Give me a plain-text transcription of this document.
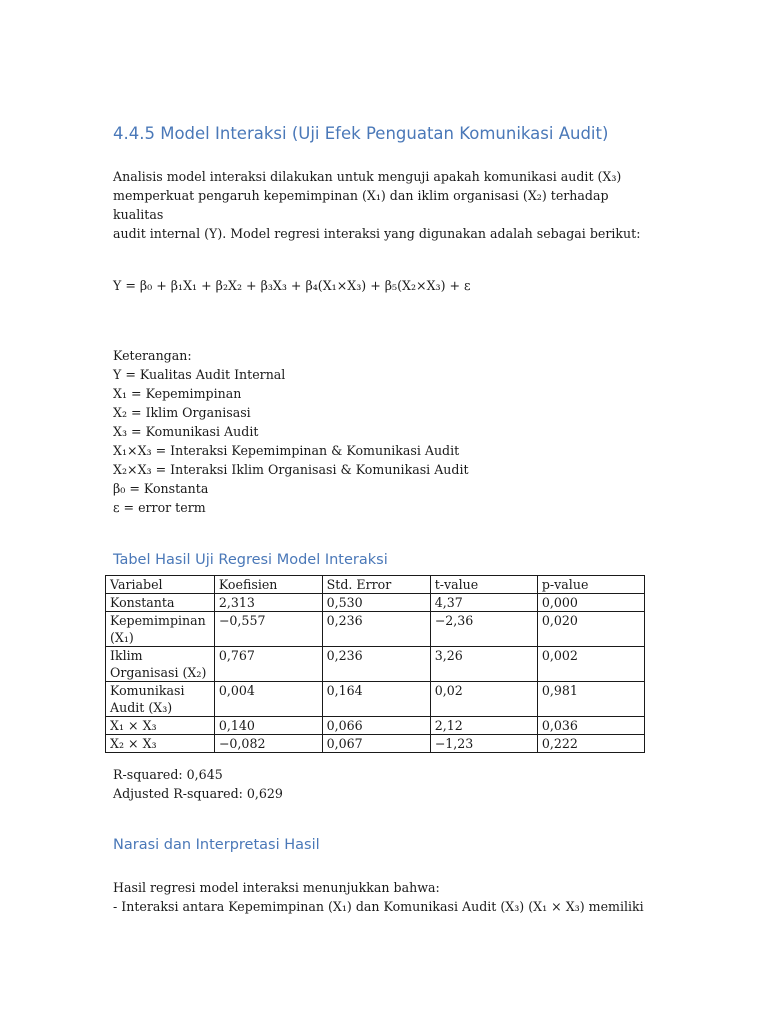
4.4.5 Model Interaksi (Uji Efek Penguatan Komunikasi Audit)
Analisis model interaksi dilakukan untuk menguji apakah komunikasi audit (X₃)
memperkuat pengaruh kepemimpinan (X₁) dan iklim organisasi (X₂) terhadap kualitas
audit internal (Y). Model regresi interaksi yang digunakan adalah sebagai berikut:
Y = β₀ + β₁X₁ + β₂X₂ + β₃X₃ + β₄(X₁×X₃) + β₅(X₂×X₃) + ε
Keterangan:
Y = Kualitas Audit Internal
X₁ = Kepemimpinan
X₂ = Iklim Organisasi
X₃ = Komunikasi Audit
X₁×X₃ = Interaksi Kepemimpinan & Komunikasi Audit
X₂×X₃ = Interaksi Iklim Organisasi & Komunikasi Audit
β₀ = Konstanta
ε = error term
Tabel Hasil Uji Regresi Model Interaksi
Variabel	Koefisien	Std. Error	t-value	p-value
Konstanta	2,313	0,530	4,37	0,000
Kepemimpinan (X₁)	−0,557	0,236	−2,36	0,020
Iklim Organisasi (X₂)	0,767	0,236	3,26	0,002
Komunikasi Audit (X₃)	0,004	0,164	0,02	0,981
X₁ × X₃	0,140	0,066	2,12	0,036
X₂ × X₃	−0,082	0,067	−1,23	0,222
R-squared: 0,645
Adjusted R-squared: 0,629
Narasi dan Interpretasi Hasil
Hasil regresi model interaksi menunjukkan bahwa:
- Interaksi antara Kepemimpinan (X₁) dan Komunikasi Audit (X₃) (X₁ × X₃) memiliki
